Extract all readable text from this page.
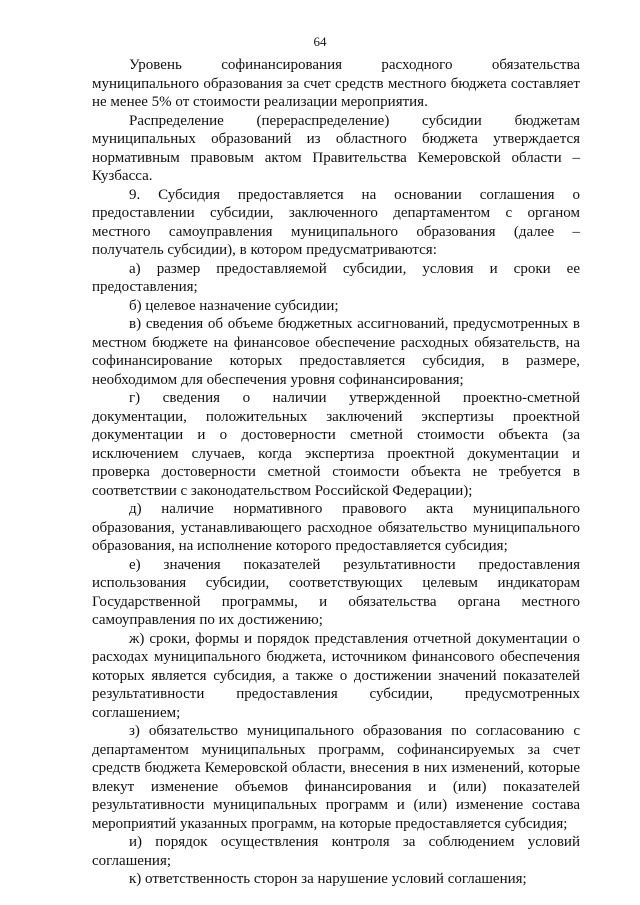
64

Уровень софинансирования расходного обязательства муниципального образования за счет средств местного бюджета составляет не менее 5% от стоимости реализации мероприятия.

Распределение (перераспределение) субсидии бюджетам муниципальных образований из областного бюджета утверждается нормативным правовым актом Правительства Кемеровской области – Кузбасса.

9. Субсидия предоставляется на основании соглашения о предоставлении субсидии, заключенного департаментом с органом местного самоуправления муниципального образования (далее – получатель субсидии), в котором предусматриваются:

а) размер предоставляемой субсидии, условия и сроки ее предоставления;

б) целевое назначение субсидии;

в) сведения об объеме бюджетных ассигнований, предусмотренных в местном бюджете на финансовое обеспечение расходных обязательств, на софинансирование которых предоставляется субсидия, в размере, необходимом для обеспечения уровня софинансирования;

г) сведения о наличии утвержденной проектно-сметной документации, положительных заключений экспертизы проектной документации и о достоверности сметной стоимости объекта (за исключением случаев, когда экспертиза проектной документации и проверка достоверности сметной стоимости объекта не требуется в соответствии с законодательством Российской Федерации);

д) наличие нормативного правового акта муниципального образования, устанавливающего расходное обязательство муниципального образования, на исполнение которого предоставляется субсидия;

е) значения показателей результативности предоставления использования субсидии, соответствующих целевым индикаторам Государственной программы, и обязательства органа местного самоуправления по их достижению;

ж) сроки, формы и порядок представления отчетной документации о расходах муниципального бюджета, источником финансового обеспечения которых является субсидия, а также о достижении значений показателей результативности предоставления субсидии, предусмотренных соглашением;

з) обязательство муниципального образования по согласованию с департаментом муниципальных программ, софинансируемых за счет средств бюджета Кемеровской области, внесения в них изменений, которые влекут изменение объемов финансирования и (или) показателей результативности муниципальных программ и (или) изменение состава мероприятий указанных программ, на которые предоставляется субсидия;

и) порядок осуществления контроля за соблюдением условий соглашения;

к) ответственность сторон за нарушение условий соглашения;
